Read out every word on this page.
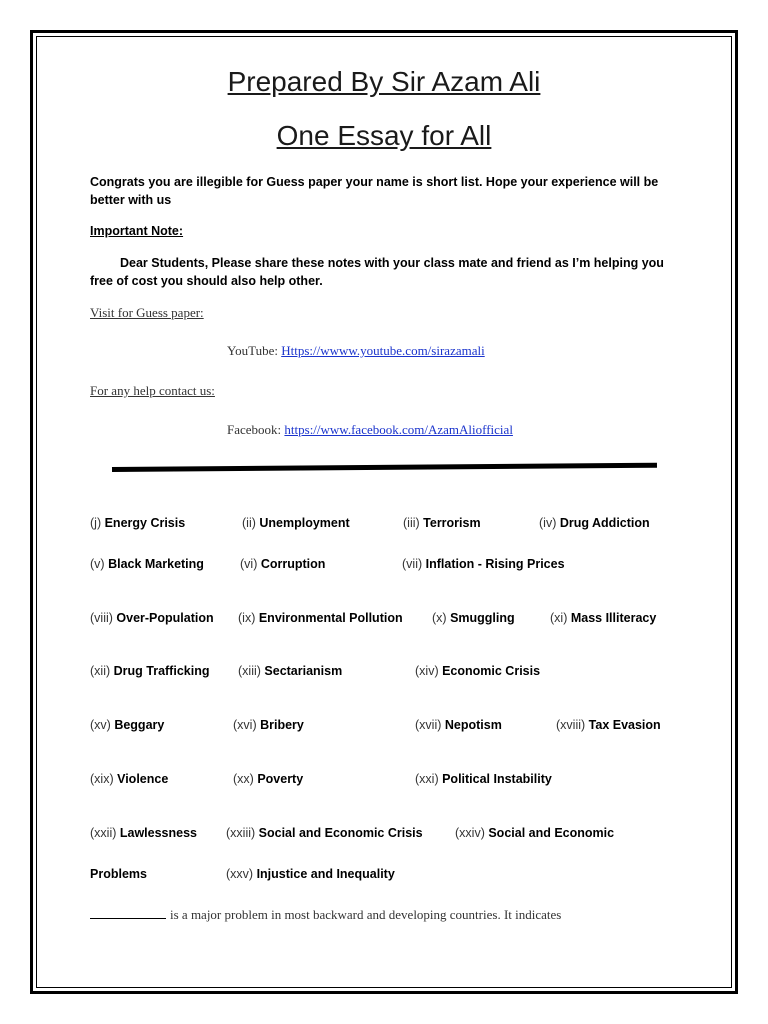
Prepared By Sir Azam Ali
One Essay for All
Congrats you are illegible for Guess paper your name is short list. Hope your experience will be better with us
Important Note:
Dear Students, Please share these notes with your class mate and friend as I’m helping you free of cost you should also help other.
Visit for Guess paper:
YouTube: Https://wwww.youtube.com/sirazamali
For any help contact us:
Facebook: https://www.facebook.com/AzamAliofficial
(j) Energy Crisis	(ii) Unemployment	(iii) Terrorism	(iv) Drug Addiction
(v) Black Marketing	(vi) Corruption	(vii) Inflation - Rising Prices
(viii) Over-Population (ix) Environmental Pollution (x) Smuggling	(xi) Mass Illiteracy
(xii) Drug Trafficking (xiii) Sectarianism	(xiv) Economic Crisis
(xv) Beggary	(xvi) Bribery	(xvii) Nepotism	(xviii) Tax Evasion
(xix) Violence	(xx) Poverty	(xxi) Political Instability
(xxii) Lawlessness (xxiii) Social and Economic Crisis	(xxiv) Social and Economic
Problems	(xxv) Injustice and Inequality
is a major problem in most backward and developing countries. It indicates
